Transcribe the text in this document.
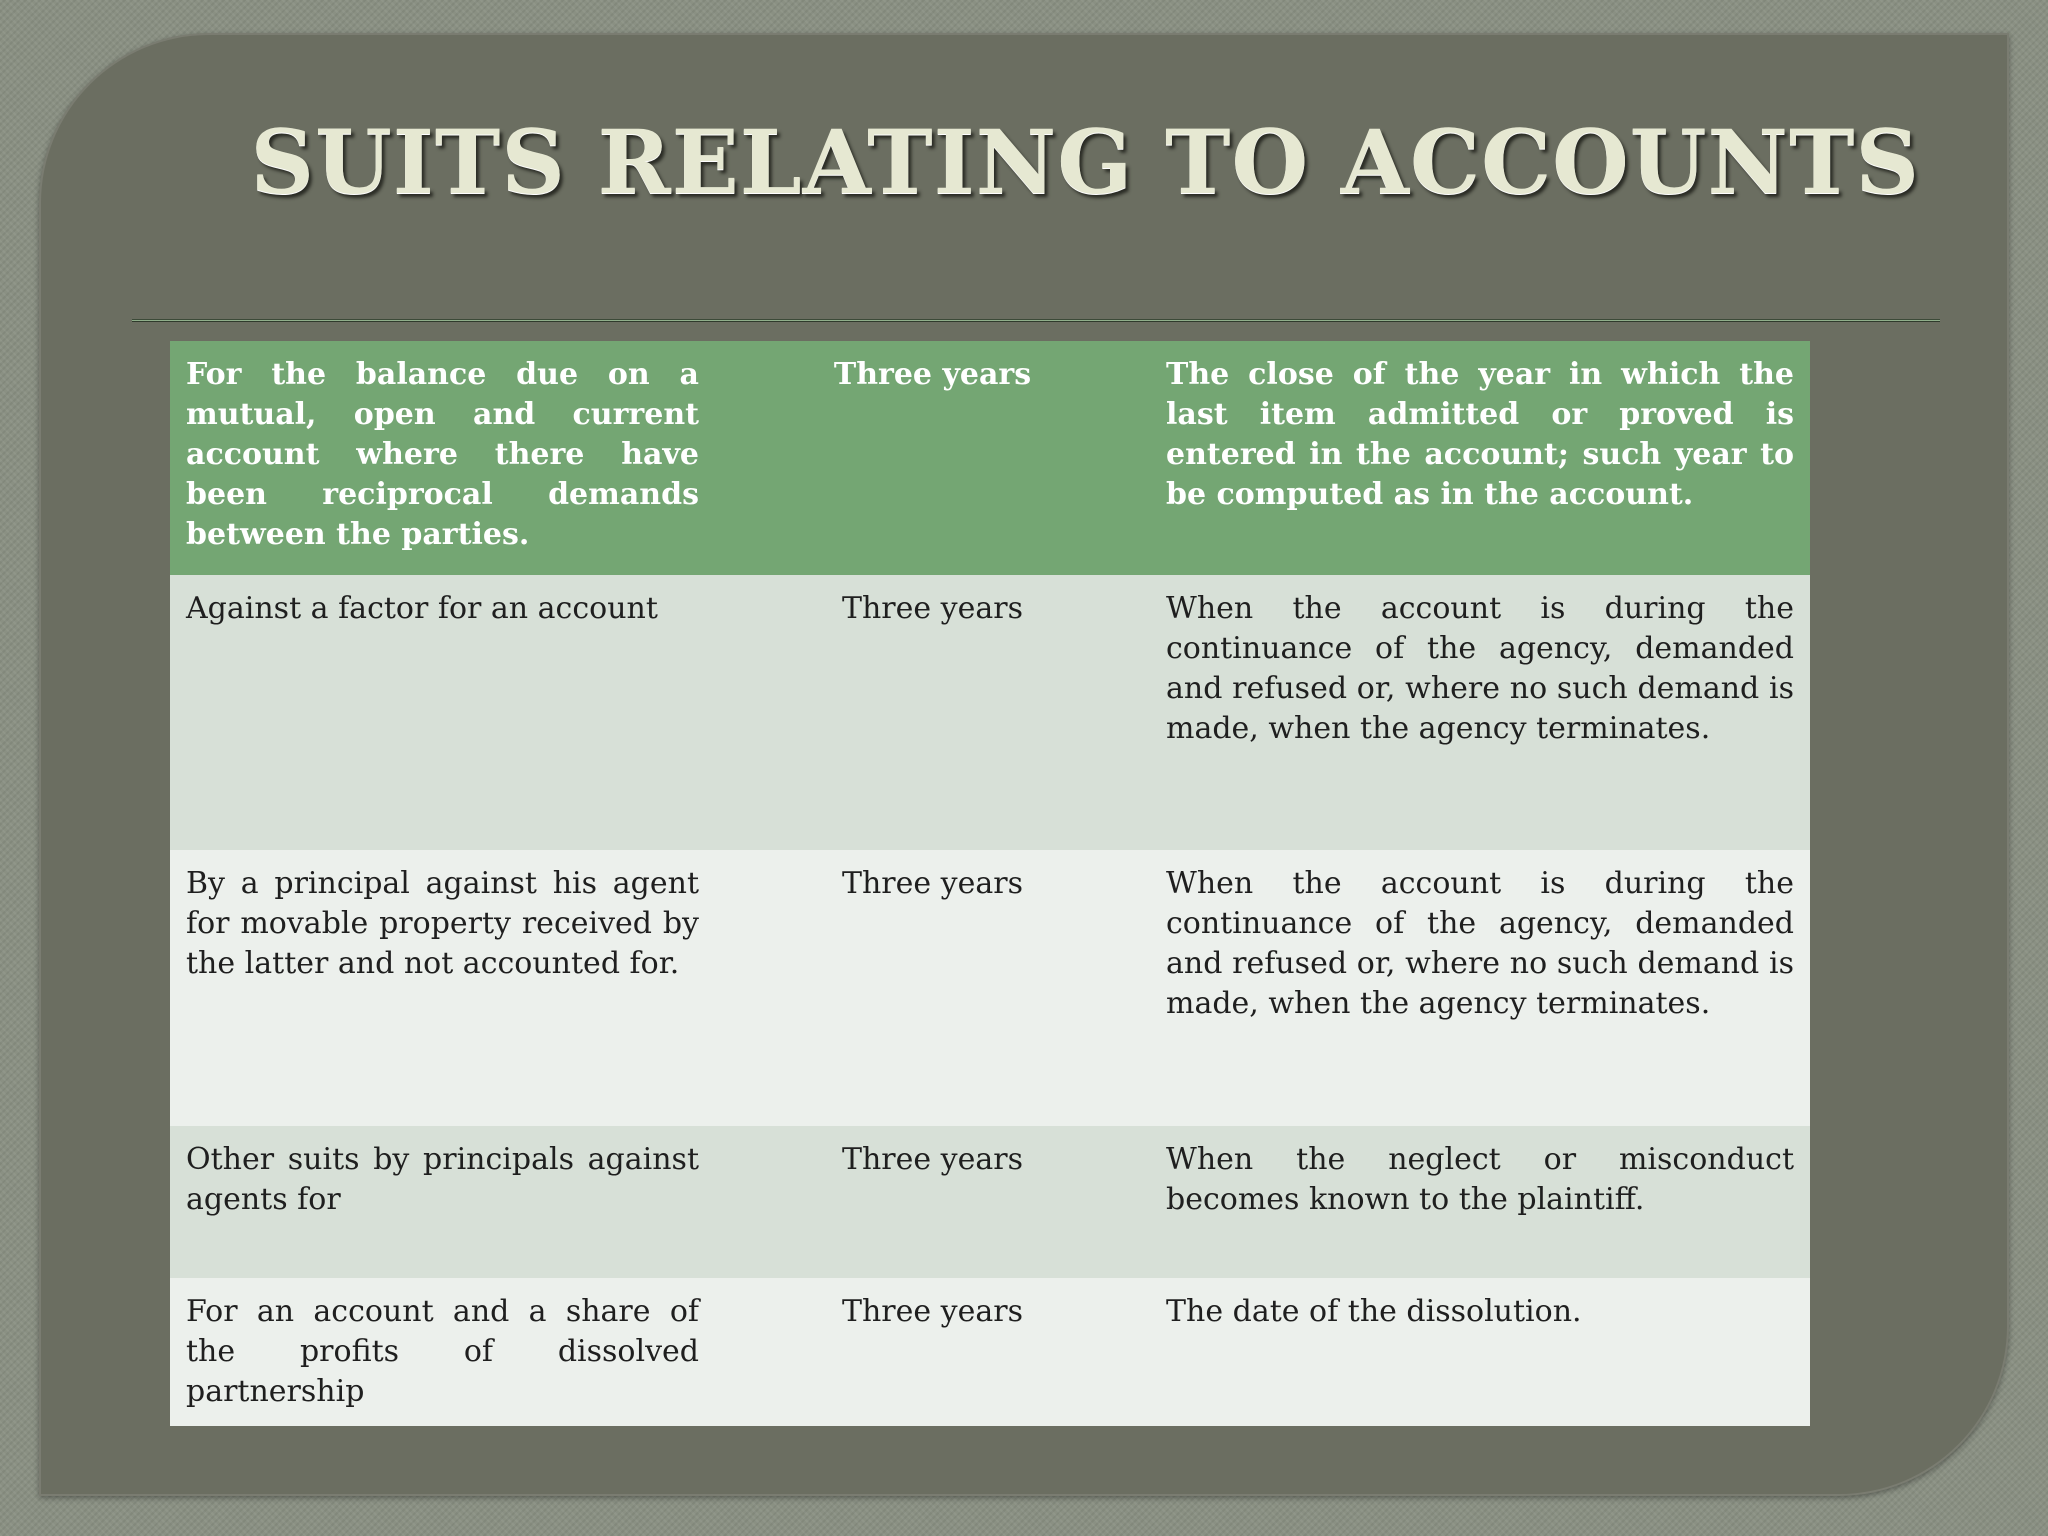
SUITS RELATING TO ACCOUNTS
For the balance due on a mutual, open and current account where there have been reciprocal demands between the parties.	Three years	The close of the year in which the last item admitted or proved is entered in the account; such year to be computed as in the account.
Against a factor for an account	Three years	When the account is during the continuance of the agency, demanded and refused or, where no such demand is made, when the agency terminates.
By a principal against his agent for movable property received by the latter and not accounted for.	Three years	When the account is during the continuance of the agency, demanded and refused or, where no such demand is made, when the agency terminates.
Other suits by principals against agents for	Three years	When the neglect or misconduct becomes known to the plaintiff.
For an account and a share of the profits of dissolved partnership	Three years	The date of the dissolution.
